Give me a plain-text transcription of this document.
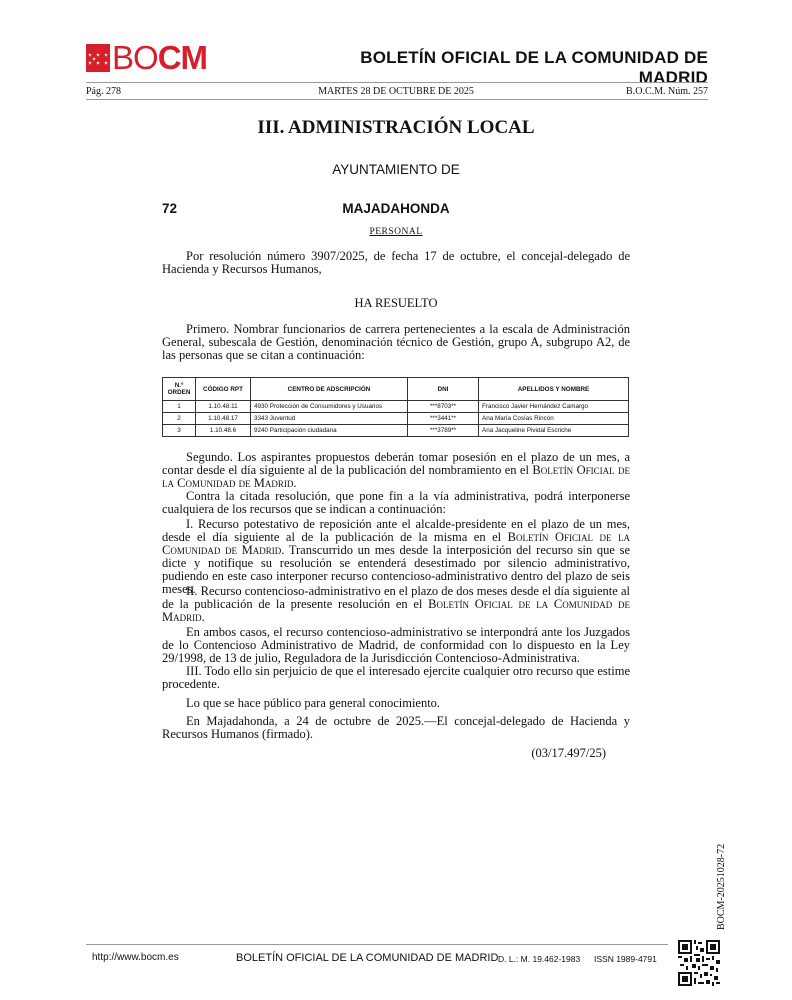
BO CM	BOLETÍN OFICIAL DE LA COMUNIDAD DE MADRID
Pág. 278	MARTES 28 DE OCTUBRE DE 2025	B.O.C.M. Núm. 257
III. ADMINISTRACIÓN LOCAL
AYUNTAMIENTO DE
72	MAJADAHONDA
PERSONAL
Por resolución número 3907/2025, de fecha 17 de octubre, el concejal-delegado de Hacienda y Recursos Humanos,
HA RESUELTO
Primero. Nombrar funcionarios de carrera pertenecientes a la escala de Administración General, subescala de Gestión, denominación técnico de Gestión, grupo A, subgrupo A2, de las personas que se citan a continuación:
N.º ORDEN	CÓDIGO RPT	CENTRO DE ADSCRIPCIÓN	DNI	APELLIDOS Y NOMBRE
1	1.10.48.11	4930 Protección de Consumidores y Usuarios	***8703**	Francisco Javier Hernández Camargo
2	1.10.48.17	3343 Juventud	***3441**	Ana María Cosías Rincón
3	1.10.48.6	9240 Participación ciudadana	***3789**	Ana Jacqueline Pividal Escriche
Segundo. Los aspirantes propuestos deberán tomar posesión en el plazo de un mes, a contar desde el día siguiente al de la publicación del nombramiento en el Boletín Oficial de la Comunidad de Madrid.
Contra la citada resolución, que pone fin a la vía administrativa, podrá interponerse cualquiera de los recursos que se indican a continuación:
I. Recurso potestativo de reposición ante el alcalde-presidente en el plazo de un mes, desde el día siguiente al de la publicación de la misma en el Boletín Oficial de la Comunidad de Madrid. Transcurrido un mes desde la interposición del recurso sin que se dicte y notifique su resolución se entenderá desestimado por silencio administrativo, pudiendo en este caso interponer recurso contencioso-administrativo dentro del plazo de seis meses.
II. Recurso contencioso-administrativo en el plazo de dos meses desde el día siguiente al de la publicación de la presente resolución en el Boletín Oficial de la Comunidad de Madrid.
En ambos casos, el recurso contencioso-administrativo se interpondrá ante los Juzgados de lo Contencioso Administrativo de Madrid, de conformidad con lo dispuesto en la Ley 29/1998, de 13 de julio, Reguladora de la Jurisdicción Contencioso-Administrativa.
III. Todo ello sin perjuicio de que el interesado ejercite cualquier otro recurso que estime procedente.
Lo que se hace público para general conocimiento.
En Majadahonda, a 24 de octubre de 2025.—El concejal-delegado de Hacienda y Recursos Humanos (firmado).
(03/17.497/25)
BOCM-20251028-72
http://www.bocm.es	BOLETÍN OFICIAL DE LA COMUNIDAD DE MADRID D. L.: M. 19.462-1983 ISSN 1989-4791
